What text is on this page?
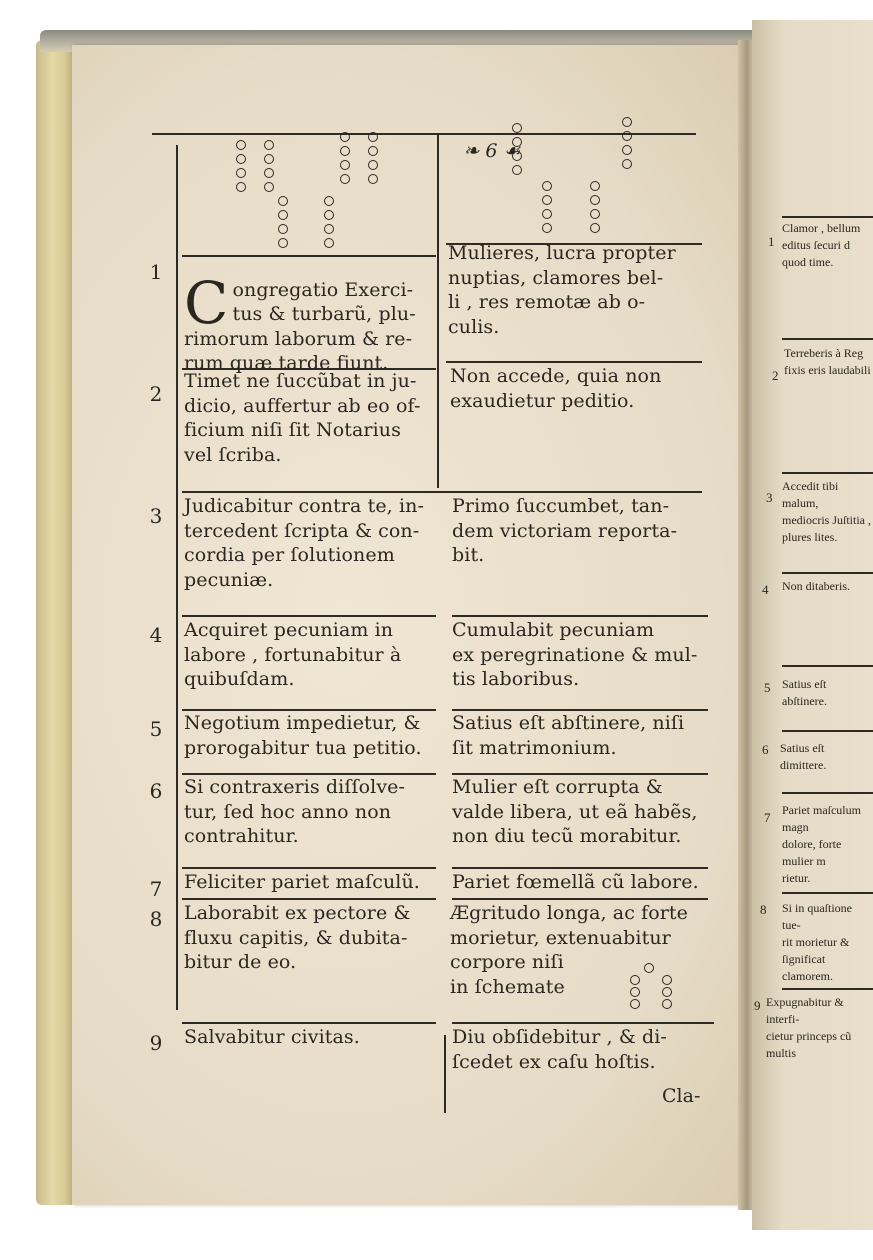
❧ 6 ☙
1
2
3
4
5
6
7
8
9

Congregatio Exerci-
tus & turbarũ, plu-
rimorum laborum & re-
rum quæ tarde fiunt.

Timet ne ſuccũbat in ju-
dicio, auffertur ab eo of-
ficium niſi ſit Notarius
vel ſcriba.
Judicabitur contra te, in-
tercedent ſcripta & con-
cordia per ſolutionem
pecuniæ.
Acquiret pecuniam in
labore , fortunabitur à
quibuſdam.
Negotium impedietur, &
prorogabitur tua petitio.
Si contraxeris diſſolve-
tur, ſed hoc anno non
contrahitur.
Feliciter pariet maſculũ.
Laborabit ex pectore &
fluxu capitis, & dubita-
bitur de eo.
Salvabitur civitas.
Mulieres, lucra propter
nuptias, clamores bel-
li , res remotæ ab o-
culis.
Non accede, quia non
exaudietur peditio.
Primo ſuccumbet, tan-
dem victoriam reporta-
bit.
Cumulabit pecuniam
ex peregrinatione & mul-
tis laboribus.
Satius eſt abſtinere, niſi
ſit matrimonium.
Mulier eſt corrupta &
valde libera, ut eã habẽs,
non diu tecũ morabitur.
Pariet fœmellã cũ labore.
Ægritudo longa, ac forte
morietur, extenuabitur
corpore niſi
in ſchemate
Diu obſidebitur , & di-
ſcedet ex caſu hoſtis.
Cla-
1
Clamor , bellum
editus ſecuri d
quod time.
2
Terreberis à Reg
fixis eris laudabili
3
Accedit tibi malum,
mediocris Juſtitia ,
plures lites.
4 Non ditaberis.
5 Satius eſt abſtinere.
6 Satius eſt dimittere.
7 Pariet maſculum magn
dolore, forte mulier m
rietur.
8 Si in quaſtione tue-
rit morietur &
ſignificat clamorem.
9 Expugnabitur & interfi-
cietur princeps cũ multis
